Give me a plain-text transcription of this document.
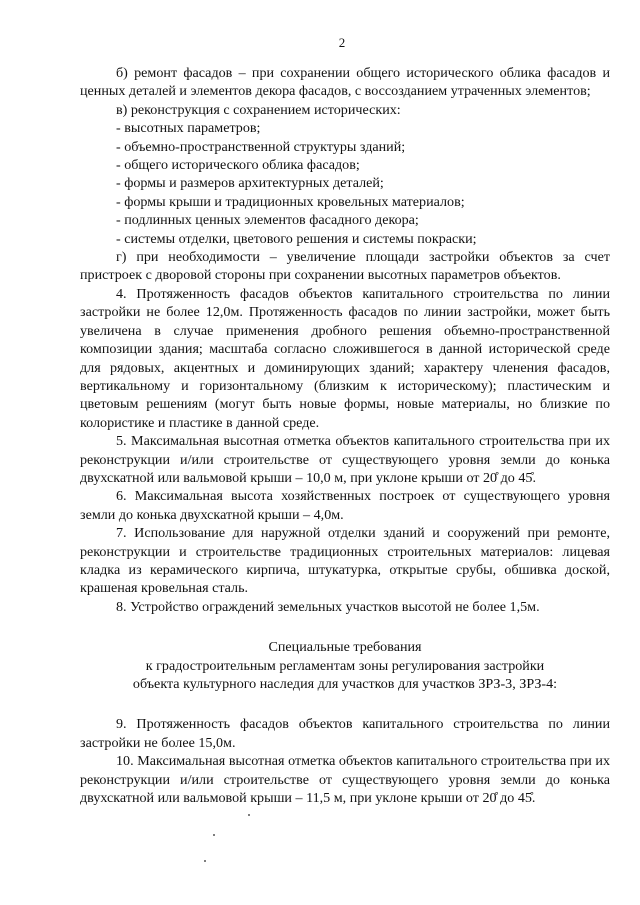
2

б) ремонт фасадов – при сохранении общего исторического облика фасадов и ценных деталей и элементов декора фасадов, с воссозданием утраченных элементов;

в) реконструкция с сохранением исторических:

- высотных параметров;

- объемно-пространственной структуры зданий;

- общего исторического облика фасадов;

- формы и размеров архитектурных деталей;

- формы крыши и традиционных кровельных материалов;

- подлинных ценных элементов фасадного декора;

- системы отделки, цветового решения и системы покраски;

г) при необходимости – увеличение площади застройки объектов за счет пристроек с дворовой стороны при сохранении высотных параметров объектов.

4. Протяженность фасадов объектов капитального строительства по линии застройки не более 12,0м. Протяженность фасадов по линии застройки, может быть увеличена в случае применения дробного решения объемно-пространственной композиции здания; масштаба согласно сложившегося в данной исторической среде для рядовых, акцентных и доминирующих зданий; характеру членения фасадов, вертикальному и горизонтальному (близким к историческому); пластическим и цветовым решениям (могут быть новые формы, новые материалы, но близкие по колористике и пластике в данной среде.

5. Максимальная высотная отметка объектов капитального строительства при их реконструкции и/или строительстве от существующего уровня земли до конька двухскатной или вальмовой крыши – 10,0 м, при уклоне крыши от 20̊ до 45̊.

6. Максимальная высота хозяйственных построек от существующего уровня земли до конька двухскатной крыши – 4,0м.

7. Использование для наружной отделки зданий и сооружений при ремонте, реконструкции и строительстве традиционных строительных материалов: лицевая кладка из керамического кирпича, штукатурка, открытые срубы, обшивка доской, крашеная кровельная сталь.

8. Устройство ограждений земельных участков высотой не более 1,5м.

Специальные требования

к градостроительным регламентам зоны регулирования застройки

объекта культурного наследия для участков для участков ЗРЗ-3, ЗРЗ-4:

9. Протяженность фасадов объектов капитального строительства по линии застройки не более 15,0м.

10. Максимальная высотная отметка объектов капитального строительства при их реконструкции и/или строительстве от существующего уровня земли до конька двухскатной или вальмовой крыши – 11,5 м, при уклоне крыши от 20̊ до 45̊.
